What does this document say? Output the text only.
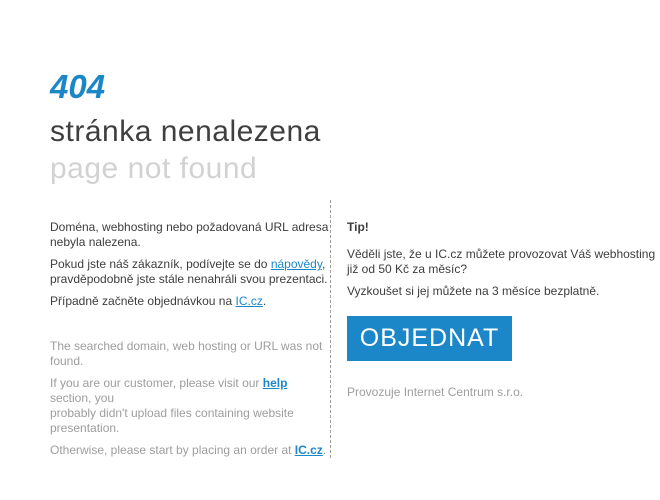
404
stránka nenalezena
page not found

Doména, webhosting nebo požadovaná URL adresa
nebyla nalezena.

Pokud jste náš zákazník, podívejte se do nápovědy,
pravděpodobně jste stále nenahráli svou prezentaci.

Případně začněte objednávkou na IC.cz.

The searched domain, web hosting or URL was not found.

If you are our customer, please visit our help section, you
probably didn't upload files containing website
presentation.

Otherwise, please start by placing an order at IC.cz.

Tip!

Věděli jste, že u IC.cz můžete provozovat Váš webhosting
již od 50 Kč za měsíc?

Vyzkoušet si jej můžete na 3 měsíce bezplatně.

OBJEDNAT

Provozuje Internet Centrum s.r.o.
